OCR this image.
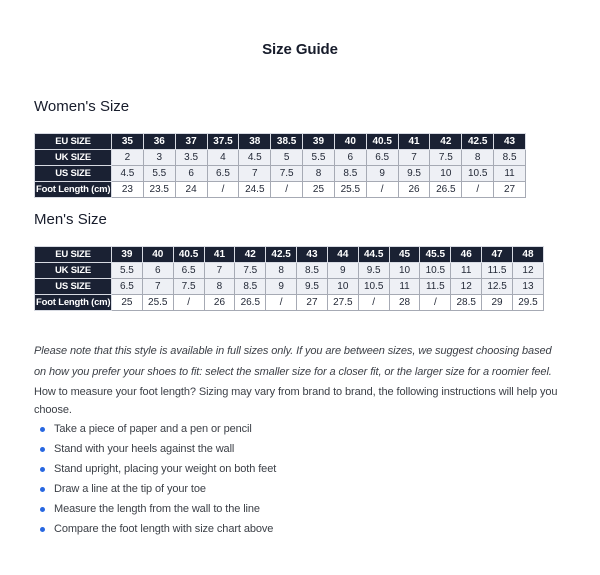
Size Guide
Women's Size
EU SIZE	35	36	37	37.5	38	38.5	39	40	40.5	41	42	42.5	43
UK SIZE	2	3	3.5	4	4.5	5	5.5	6	6.5	7	7.5	8	8.5
US SIZE	4.5	5.5	6	6.5	7	7.5	8	8.5	9	9.5	10	10.5	11
Foot Length (cm)	23	23.5	24	/	24.5	/	25	25.5	/	26	26.5	/	27
Men's Size
EU SIZE	39	40	40.5	41	42	42.5	43	44	44.5	45	45.5	46	47	48
UK SIZE	5.5	6	6.5	7	7.5	8	8.5	9	9.5	10	10.5	11	11.5	12
US SIZE	6.5	7	7.5	8	8.5	9	9.5	10	10.5	11	11.5	12	12.5	13
Foot Length (cm)	25	25.5	/	26	26.5	/	27	27.5	/	28	/	28.5	29	29.5

Please note that this style is available in full sizes only. If you are between sizes, we suggest choosing based on how you prefer your shoes to fit: select the smaller size for a closer fit, or the larger size for a roomier feel.

How to measure your foot length? Sizing may vary from brand to brand, the following instructions will help you choose.

Take a piece of paper and a pen or pencil
Stand with your heels against the wall
Stand upright, placing your weight on both feet
Draw a line at the tip of your toe
Measure the length from the wall to the line
Compare the foot length with size chart above
